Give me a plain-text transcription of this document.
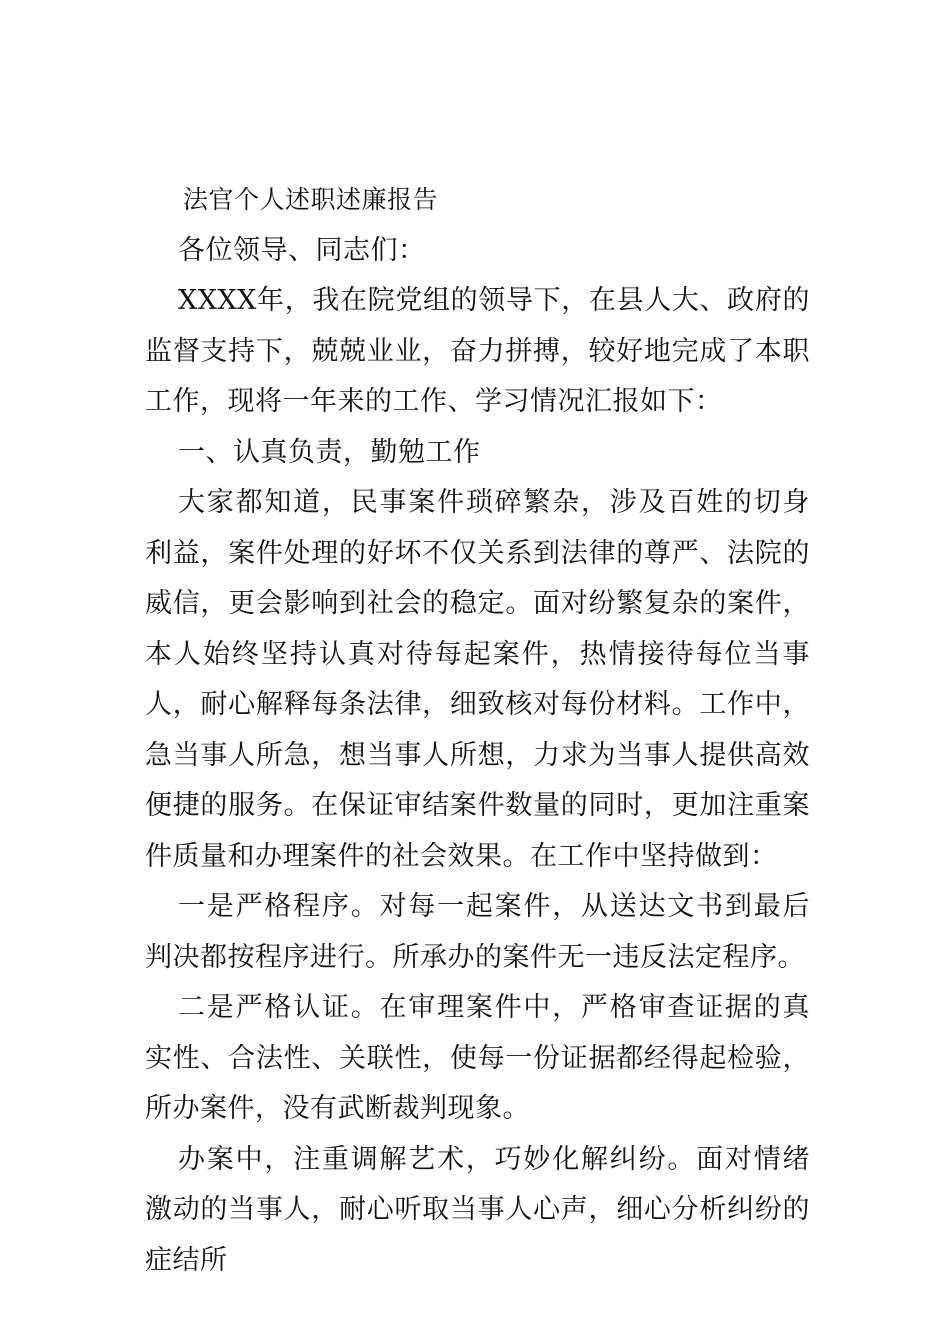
法官个人述职述廉报告

各位领导、同志们：

XXXX年，我在院党组的领导下，在县人大、政府的监督支持下，兢兢业业，奋力拼搏，较好地完成了本职工作，现将一年来的工作、学习情况汇报如下：

一、认真负责，勤勉工作

大家都知道，民事案件琐碎繁杂，涉及百姓的切身利益，案件处理的好坏不仅关系到法律的尊严、法院的威信，更会影响到社会的稳定。面对纷繁复杂的案件，本人始终坚持认真对待每起案件，热情接待每位当事人，耐心解释每条法律，细致核对每份材料。工作中，急当事人所急，想当事人所想，力求为当事人提供高效便捷的服务。在保证审结案件数量的同时，更加注重案件质量和办理案件的社会效果。在工作中坚持做到：

一是严格程序。对每一起案件，从送达文书到最后判决都按程序进行。所承办的案件无一违反法定程序。

二是严格认证。在审理案件中，严格审查证据的真实性、合法性、关联性，使每一份证据都经得起检验，所办案件，没有武断裁判现象。

办案中，注重调解艺术，巧妙化解纠纷。面对情绪激动的当事人，耐心听取当事人心声，细心分析纠纷的症结所
